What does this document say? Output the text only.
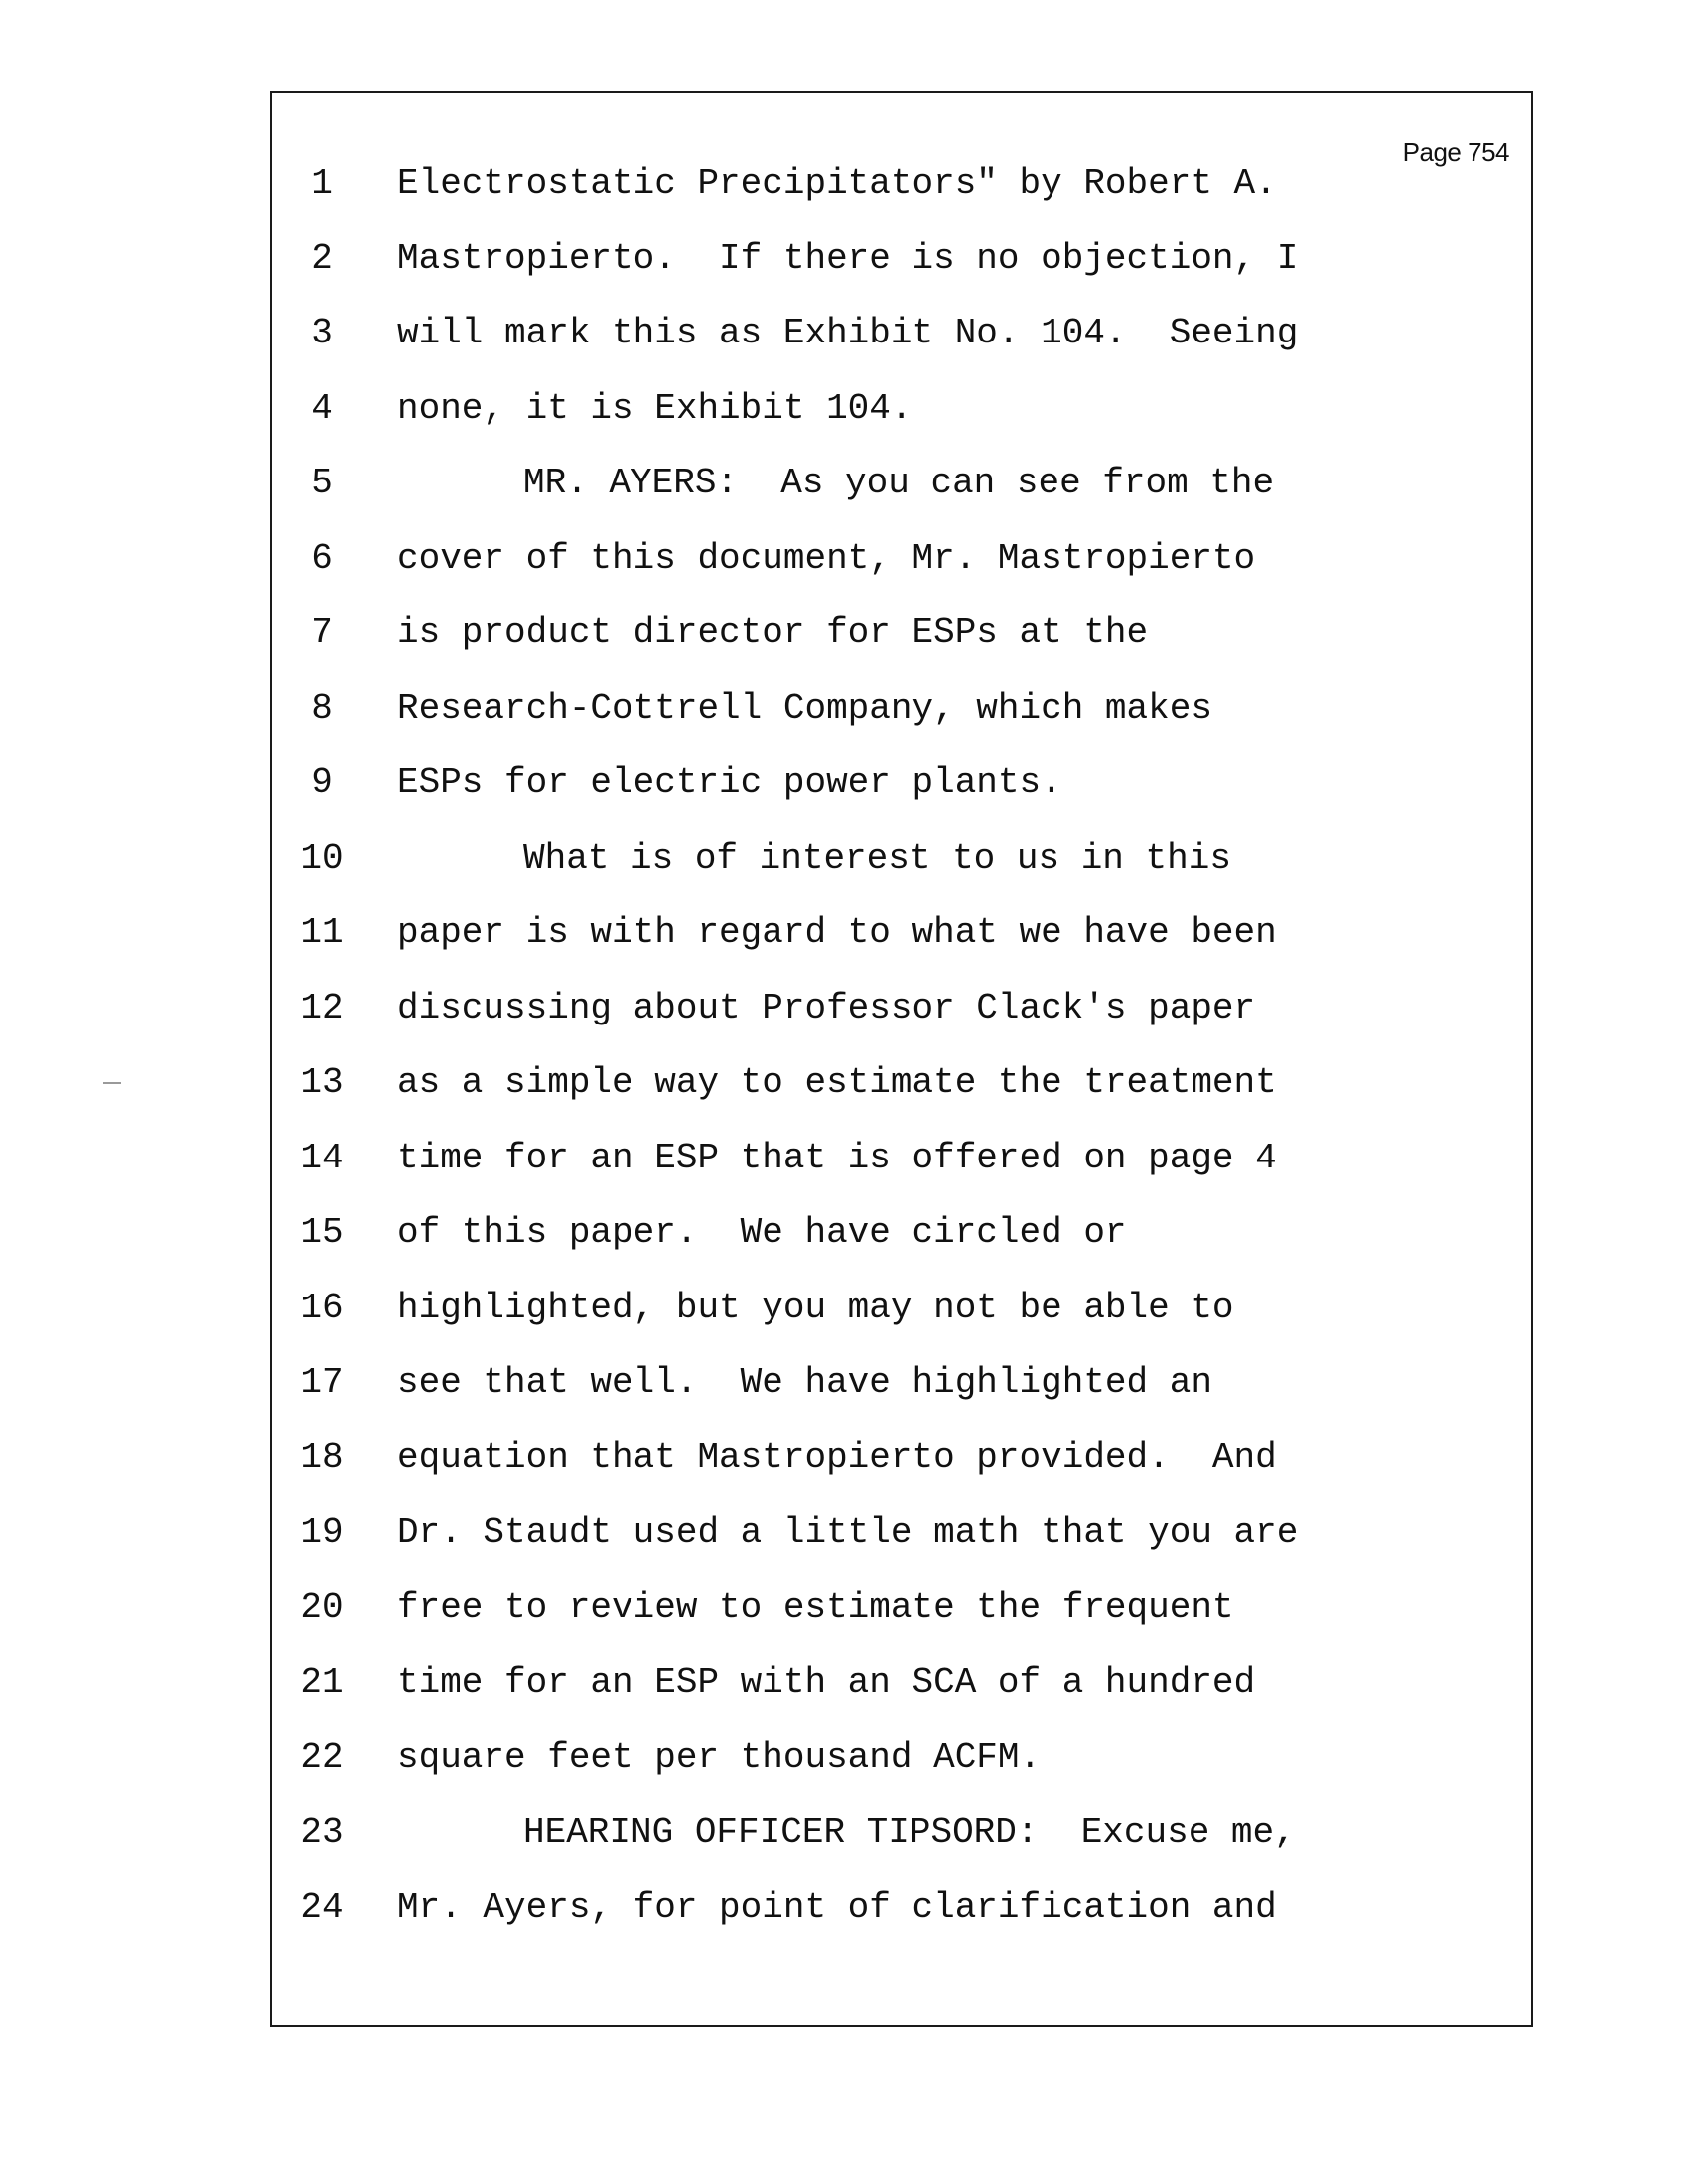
Page 754
1	Electrostatic Precipitators" by Robert A.
2	Mastropierto.  If there is no objection, I
3	will mark this as Exhibit No. 104.  Seeing
4	none, it is Exhibit 104.
5	MR. AYERS:  As you can see from the
6	cover of this document, Mr. Mastropierto
7	is product director for ESPs at the
8	Research-Cottrell Company, which makes
9	ESPs for electric power plants.
10	What is of interest to us in this
11 paper is with regard to what we have been
12 discussing about Professor Clack's paper
13 as a simple way to estimate the treatment
14 time for an ESP that is offered on page 4
15 of this paper.  We have circled or
16 highlighted, but you may not be able to
17 see that well.  We have highlighted an
18 equation that Mastropierto provided.  And
19 Dr. Staudt used a little math that you are
20 free to review to estimate the frequent
21 time for an ESP with an SCA of a hundred
22 square feet per thousand ACFM.
23	HEARING OFFICER TIPSORD:  Excuse me,
24 Mr. Ayers, for point of clarification and
